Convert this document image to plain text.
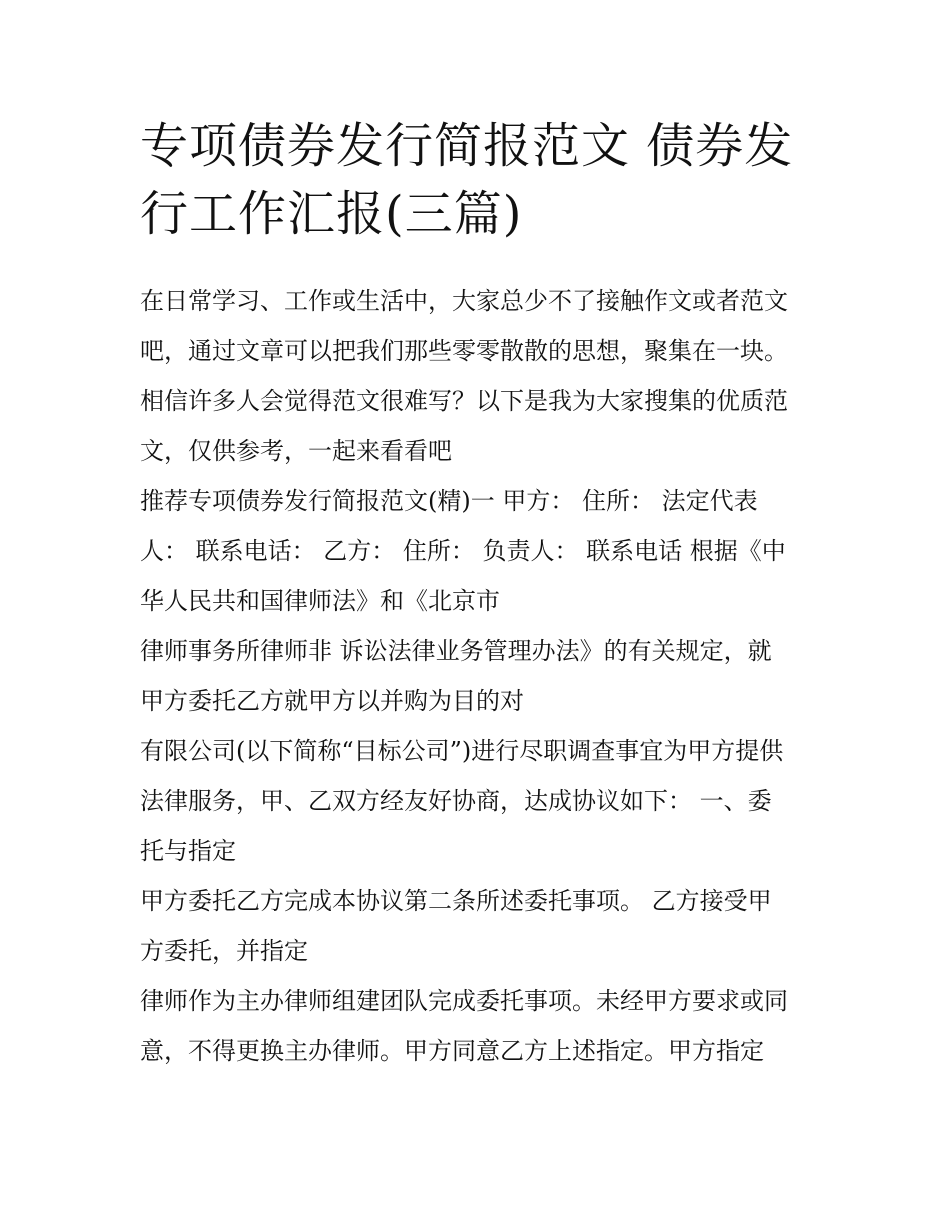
专项债券发行简报范文 债券发
行工作汇报(三篇)
在日常学习、工作或生活中，大家总少不了接触作文或者范文
吧，通过文章可以把我们那些零零散散的思想，聚集在一块。
相信许多人会觉得范文很难写？以下是我为大家搜集的优质范
文，仅供参考，一起来看看吧
推荐专项债券发行简报范文(精)一 甲方： 住所： 法定代表
人： 联系电话： 乙方： 住所： 负责人： 联系电话 根据《中
华人民共和国律师法》和《北京市
律师事务所律师非 诉讼法律业务管理办法》的有关规定，就
甲方委托乙方就甲方以并购为目的对
有限公司(以下简称“目标公司”)进行尽职调查事宜为甲方提供
法律服务，甲、乙双方经友好协商，达成协议如下： 一、委
托与指定
甲方委托乙方完成本协议第二条所述委托事项。 乙方接受甲
方委托，并指定
律师作为主办律师组建团队完成委托事项。未经甲方要求或同
意，不得更换主办律师。甲方同意乙方上述指定。甲方指定
